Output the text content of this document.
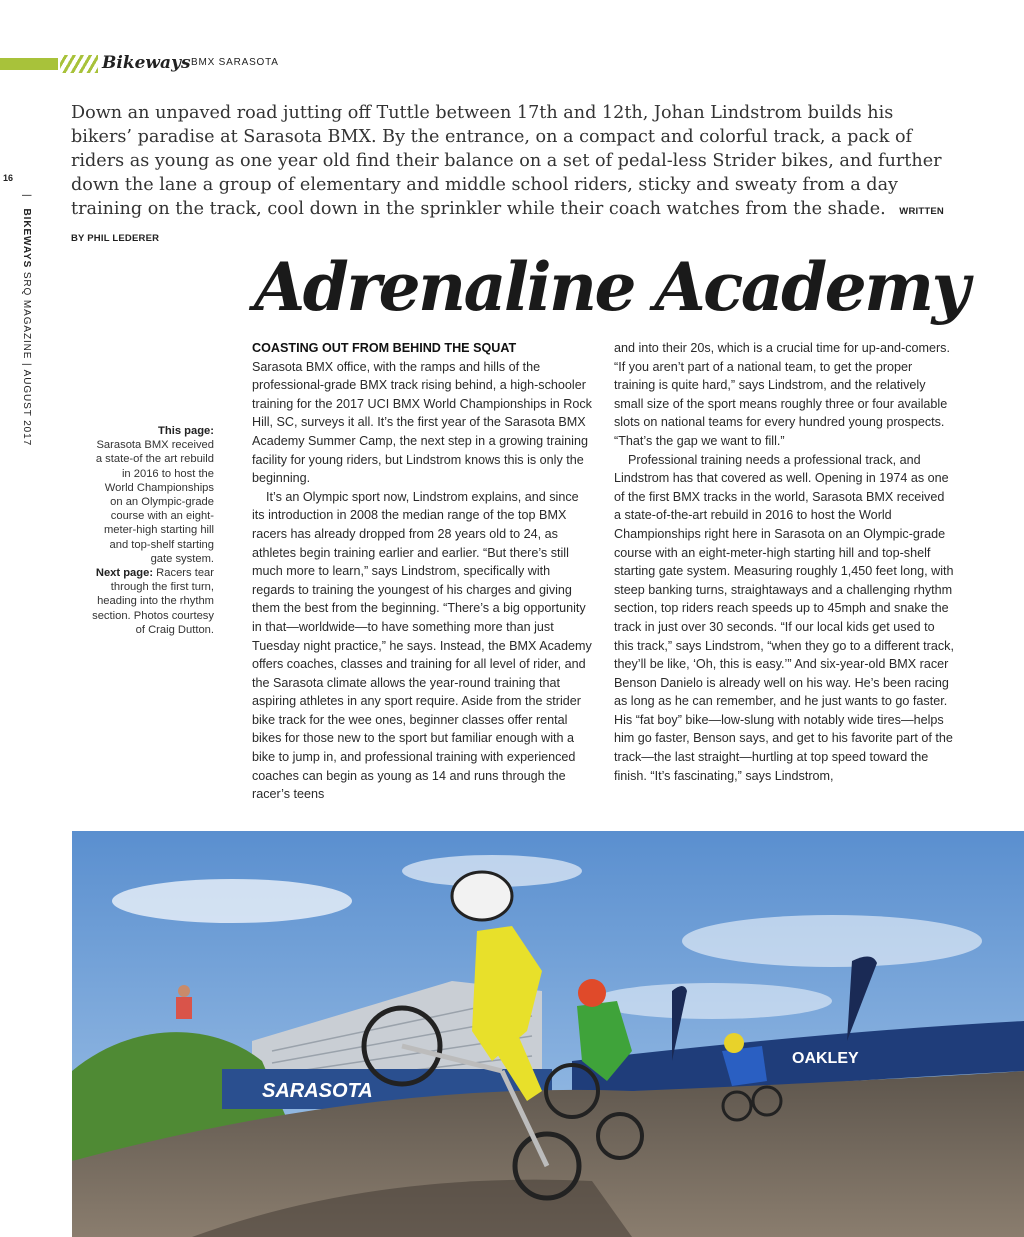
Bikeways BMX SARASOTA
Down an unpaved road jutting off Tuttle between 17th and 12th, Johan Lindstrom builds his bikers’ paradise at Sarasota BMX. By the entrance, on a compact and colorful track, a pack of riders as young as one year old find their balance on a set of pedal-less Strider bikes, and further down the lane a group of elementary and middle school riders, sticky and sweaty from a day training on the track, cool down in the sprinkler while their coach watches from the shade. WRITTEN BY PHIL LEDERER
16
|   BIKEWAYS SRQ MAGAZINE | AUGUST 2017	Adrenaline Academy
This page:
Sarasota BMX received a state-of the art rebuild in 2016 to host the World Championships on an Olympic-grade course with an eight-meter-high starting hill and top-shelf starting gate system.
Next page: Racers tear through the first turn, heading into the rhythm section. Photos courtesy of Craig Dutton.
COASTING OUT FROM BEHIND THE SQUAT

Sarasota BMX office, with the ramps and hills of the professional-grade BMX track rising behind, a high-schooler training for the 2017 UCI BMX World Championships in Rock Hill, SC, surveys it all. It’s the first year of the Sarasota BMX Academy Summer Camp, the next step in a growing training facility for young riders, but Lindstrom knows this is only the beginning.

It’s an Olympic sport now, Lindstrom explains, and since its introduction in 2008 the median range of the top BMX racers has already dropped from 28 years old to 24, as athletes begin training earlier and earlier. “But there’s still much more to learn,” says Lindstrom, specifically with regards to training the youngest of his charges and giving them the best from the beginning. “There’s a big opportunity in that—worldwide—to have something more than just Tuesday night practice,” he says. Instead, the BMX Academy offers coaches, classes and training for all level of rider, and the Sarasota climate allows the year-round training that aspiring athletes in any sport require. Aside from the strider bike track for the wee ones, beginner classes offer rental bikes for those new to the sport but familiar enough with a bike to jump in, and professional training with experienced coaches can begin as young as 14 and runs through the racer’s teens

and into their 20s, which is a crucial time for up-and-comers. “If you aren’t part of a national team, to get the proper training is quite hard,” says Lindstrom, and the relatively small size of the sport means roughly three or four available slots on national teams for every hundred young prospects. “That’s the gap we want to fill.”

Professional training needs a professional track, and Lindstrom has that covered as well. Opening in 1974 as one of the first BMX tracks in the world, Sarasota BMX received a state-of-the-art rebuild in 2016 to host the World Championships right here in Sarasota on an Olympic-grade course with an eight-meter-high starting hill and top-shelf starting gate system. Measuring roughly 1,450 feet long, with steep banking turns, straightaways and a challenging rhythm section, top riders reach speeds up to 45mph and snake the track in just over 30 seconds. “If our local kids get used to this track,” says Lindstrom, “when they go to a different track, they’ll be like, ‘Oh, this is easy.’” And six-year-old BMX racer Benson Danielo is already well on his way. He’s been racing as long as he can remember, and he just wants to go faster. His “fat boy” bike—low-slung with notably wide tires—helps him go faster, Benson says, and get to his favorite part of the track—the last straight—hurtling at top speed toward the finish. “It’s fascinating,” says Lindstrom,

SARASOTA
OAKLEY
